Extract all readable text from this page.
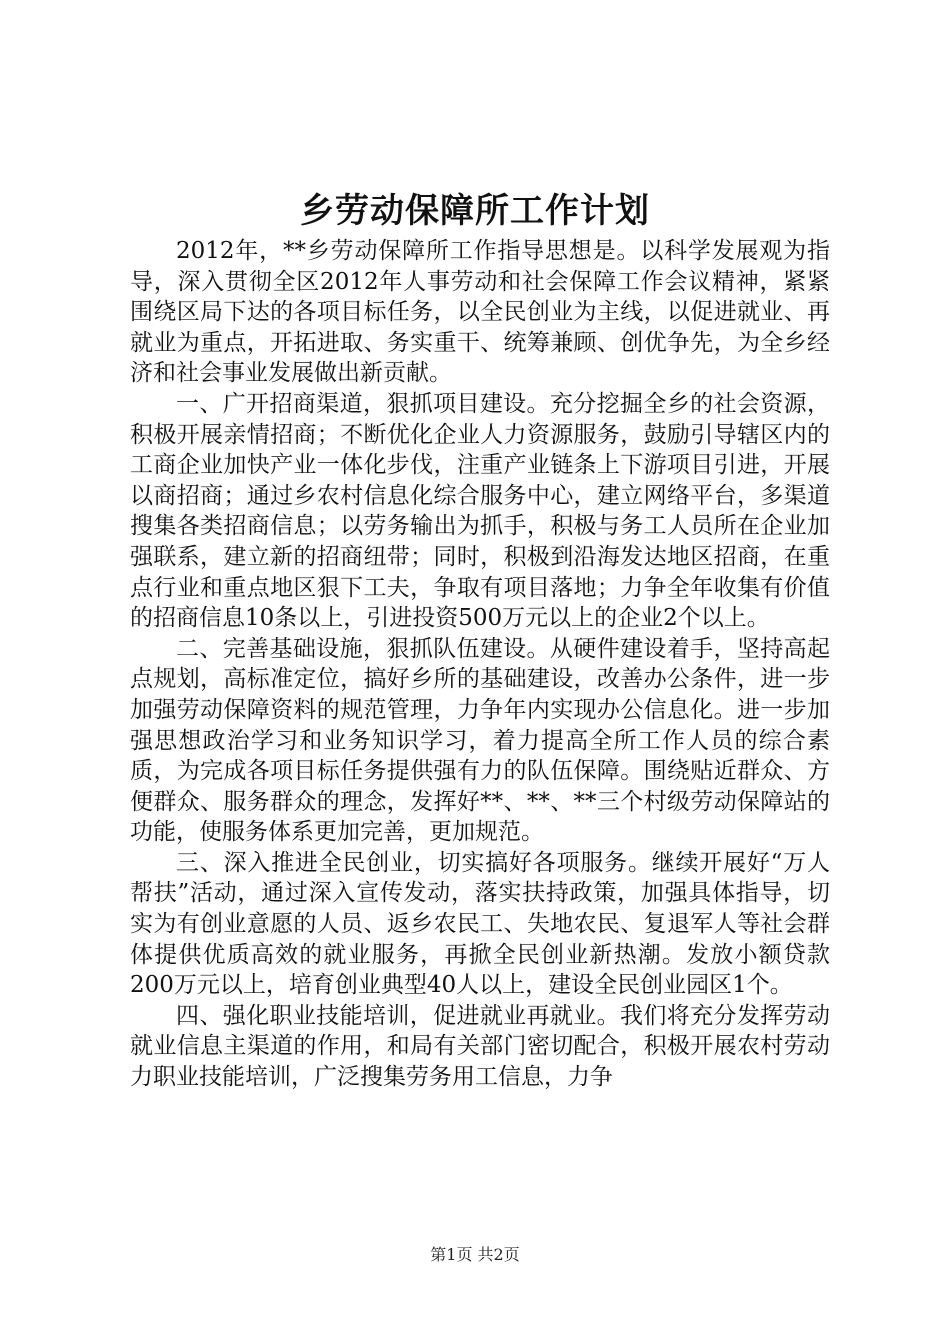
乡劳动保障所工作计划

2012年，**乡劳动保障所工作指导思想是。以科学发展观为指导，深入贯彻全区2012年人事劳动和社会保障工作会议精神，紧紧围绕区局下达的各项目标任务，以全民创业为主线，以促进就业、再就业为重点，开拓进取、务实重干、统筹兼顾、创优争先，为全乡经济和社会事业发展做出新贡献。

一、广开招商渠道，狠抓项目建设。充分挖掘全乡的社会资源，积极开展亲情招商；不断优化企业人力资源服务，鼓励引导辖区内的工商企业加快产业一体化步伐，注重产业链条上下游项目引进，开展以商招商；通过乡农村信息化综合服务中心，建立网络平台，多渠道搜集各类招商信息；以劳务输出为抓手，积极与务工人员所在企业加强联系，建立新的招商纽带；同时，积极到沿海发达地区招商，在重点行业和重点地区狠下工夫，争取有项目落地；力争全年收集有价值的招商信息10条以上，引进投资500万元以上的企业2个以上。

二、完善基础设施，狠抓队伍建设。从硬件建设着手，坚持高起点规划，高标准定位，搞好乡所的基础建设，改善办公条件，进一步加强劳动保障资料的规范管理，力争年内实现办公信息化。进一步加强思想政治学习和业务知识学习，着力提高全所工作人员的综合素质，为完成各项目标任务提供强有力的队伍保障。围绕贴近群众、方便群众、服务群众的理念，发挥好**、**、**三个村级劳动保障站的功能，使服务体系更加完善，更加规范。

三、深入推进全民创业，切实搞好各项服务。继续开展好“万人帮扶”活动，通过深入宣传发动，落实扶持政策，加强具体指导，切实为有创业意愿的人员、返乡农民工、失地农民、复退军人等社会群体提供优质高效的就业服务，再掀全民创业新热潮。发放小额贷款200万元以上，培育创业典型40人以上，建设全民创业园区1个。

四、强化职业技能培训，促进就业再就业。我们将充分发挥劳动就业信息主渠道的作用，和局有关部门密切配合，积极开展农村劳动力职业技能培训，广泛搜集劳务用工信息，力争

第1页 共2页
